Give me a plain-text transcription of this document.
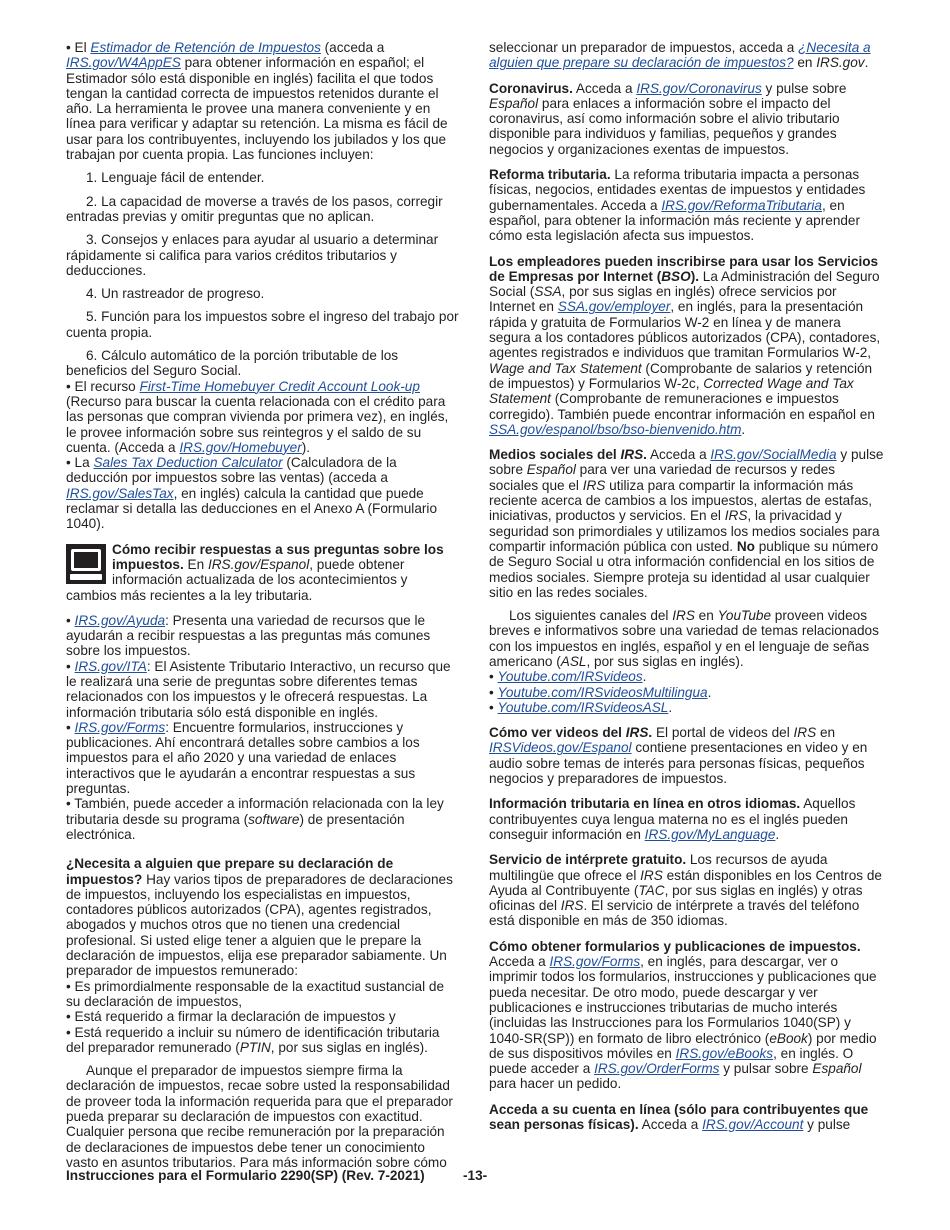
• El Estimador de Retención de Impuestos (acceda a IRS.gov/W4AppES para obtener información en español; el Estimador sólo está disponible en inglés) facilita el que todos tengan la cantidad correcta de impuestos retenidos durante el año. La herramienta le provee una manera conveniente y en línea para verificar y adaptar su retención. La misma es fácil de usar para los contribuyentes, incluyendo los jubilados y los que trabajan por cuenta propia. Las funciones incluyen:

1. Lenguaje fácil de entender.

2. La capacidad de moverse a través de los pasos, corregir entradas previas y omitir preguntas que no aplican.

3. Consejos y enlaces para ayudar al usuario a determinar rápidamente si califica para varios créditos tributarios y deducciones.

4. Un rastreador de progreso.

5. Función para los impuestos sobre el ingreso del trabajo por cuenta propia.

6. Cálculo automático de la porción tributable de los beneficios del Seguro Social.

• El recurso First-Time Homebuyer Credit Account Look-up (Recurso para buscar la cuenta relacionada con el crédito para las personas que compran vivienda por primera vez), en inglés, le provee información sobre sus reintegros y el saldo de su cuenta. (Acceda a IRS.gov/Homebuyer).

• La Sales Tax Deduction Calculator (Calculadora de la deducción por impuestos sobre las ventas) (acceda a IRS.gov/SalesTax, en inglés) calcula la cantidad que puede reclamar si detalla las deducciones en el Anexo A (Formulario 1040).

Cómo recibir respuestas a sus preguntas sobre los impuestos. En IRS.gov/Espanol, puede obtener información actualizada de los acontecimientos y cambios más recientes a la ley tributaria.

• IRS.gov/Ayuda: Presenta una variedad de recursos que le ayudarán a recibir respuestas a las preguntas más comunes sobre los impuestos.

• IRS.gov/ITA: El Asistente Tributario Interactivo, un recurso que le realizará una serie de preguntas sobre diferentes temas relacionados con los impuestos y le ofrecerá respuestas. La información tributaria sólo está disponible en inglés.

• IRS.gov/Forms: Encuentre formularios, instrucciones y publicaciones. Ahí encontrará detalles sobre cambios a los impuestos para el año 2020 y una variedad de enlaces interactivos que le ayudarán a encontrar respuestas a sus preguntas.

• También, puede acceder a información relacionada con la ley tributaria desde su programa (software) de presentación electrónica.

¿Necesita a alguien que prepare su declaración de impuestos? Hay varios tipos de preparadores de declaraciones de impuestos, incluyendo los especialistas en impuestos, contadores públicos autorizados (CPA), agentes registrados, abogados y muchos otros que no tienen una credencial profesional. Si usted elige tener a alguien que le prepare la declaración de impuestos, elija ese preparador sabiamente. Un preparador de impuestos remunerado:

• Es primordialmente responsable de la exactitud sustancial de su declaración de impuestos,

• Está requerido a firmar la declaración de impuestos y

• Está requerido a incluir su número de identificación tributaria del preparador remunerado (PTIN, por sus siglas en inglés).

Aunque el preparador de impuestos siempre firma la declaración de impuestos, recae sobre usted la responsabilidad de proveer toda la información requerida para que el preparador pueda preparar su declaración de impuestos con exactitud. Cualquier persona que recibe remuneración por la preparación de declaraciones de impuestos debe tener un conocimiento vasto en asuntos tributarios. Para más información sobre cómo

seleccionar un preparador de impuestos, acceda a ¿Necesita a alguien que prepare su declaración de impuestos? en IRS.gov.

Coronavirus. Acceda a IRS.gov/Coronavirus y pulse sobre Español para enlaces a información sobre el impacto del coronavirus, así como información sobre el alivio tributario disponible para individuos y familias, pequeños y grandes negocios y organizaciones exentas de impuestos.

Reforma tributaria. La reforma tributaria impacta a personas físicas, negocios, entidades exentas de impuestos y entidades gubernamentales. Acceda a IRS.gov/ReformaTributaria, en español, para obtener la información más reciente y aprender cómo esta legislación afecta sus impuestos.

Los empleadores pueden inscribirse para usar los Servicios de Empresas por Internet (BSO). La Administración del Seguro Social (SSA, por sus siglas en inglés) ofrece servicios por Internet en SSA.gov/employer, en inglés, para la presentación rápida y gratuita de Formularios W-2 en línea y de manera segura a los contadores públicos autorizados (CPA), contadores, agentes registrados e individuos que tramitan Formularios W-2, Wage and Tax Statement (Comprobante de salarios y retención de impuestos) y Formularios W-2c, Corrected Wage and Tax Statement (Comprobante de remuneraciones e impuestos corregido). También puede encontrar información en español en SSA.gov/espanol/bso/bso-bienvenido.htm.

Medios sociales del IRS. Acceda a IRS.gov/SocialMedia y pulse sobre Español para ver una variedad de recursos y redes sociales que el IRS utiliza para compartir la información más reciente acerca de cambios a los impuestos, alertas de estafas, iniciativas, productos y servicios. En el IRS, la privacidad y seguridad son primordiales y utilizamos los medios sociales para compartir información pública con usted. No publique su número de Seguro Social u otra información confidencial en los sitios de medios sociales. Siempre proteja su identidad al usar cualquier sitio en las redes sociales.

Los siguientes canales del IRS en YouTube proveen videos breves e informativos sobre una variedad de temas relacionados con los impuestos en inglés, español y en el lenguaje de señas americano (ASL, por sus siglas en inglés).

• Youtube.com/IRSvideos.

• Youtube.com/IRSvideosMultilingua.

• Youtube.com/IRSvideosASL.

Cómo ver videos del IRS. El portal de videos del IRS en IRSVideos.gov/Espanol contiene presentaciones en video y en audio sobre temas de interés para personas físicas, pequeños negocios y preparadores de impuestos.

Información tributaria en línea en otros idiomas. Aquellos contribuyentes cuya lengua materna no es el inglés pueden conseguir información en IRS.gov/MyLanguage.

Servicio de intérprete gratuito. Los recursos de ayuda multilingüe que ofrece el IRS están disponibles en los Centros de Ayuda al Contribuyente (TAC, por sus siglas en inglés) y otras oficinas del IRS. El servicio de intérprete a través del teléfono está disponible en más de 350 idiomas.

Cómo obtener formularios y publicaciones de impuestos. Acceda a IRS.gov/Forms, en inglés, para descargar, ver o imprimir todos los formularios, instrucciones y publicaciones que pueda necesitar. De otro modo, puede descargar y ver publicaciones e instrucciones tributarias de mucho interés (incluidas las Instrucciones para los Formularios 1040(SP) y 1040-SR(SP)) en formato de libro electrónico (eBook) por medio de sus dispositivos móviles en IRS.gov/eBooks, en inglés. O puede acceder a IRS.gov/OrderForms y pulsar sobre Español para hacer un pedido.

Acceda a su cuenta en línea (sólo para contribuyentes que sean personas físicas). Acceda a IRS.gov/Account y pulse

Instrucciones para el Formulario 2290(SP) (Rev. 7-2021)	-13-
